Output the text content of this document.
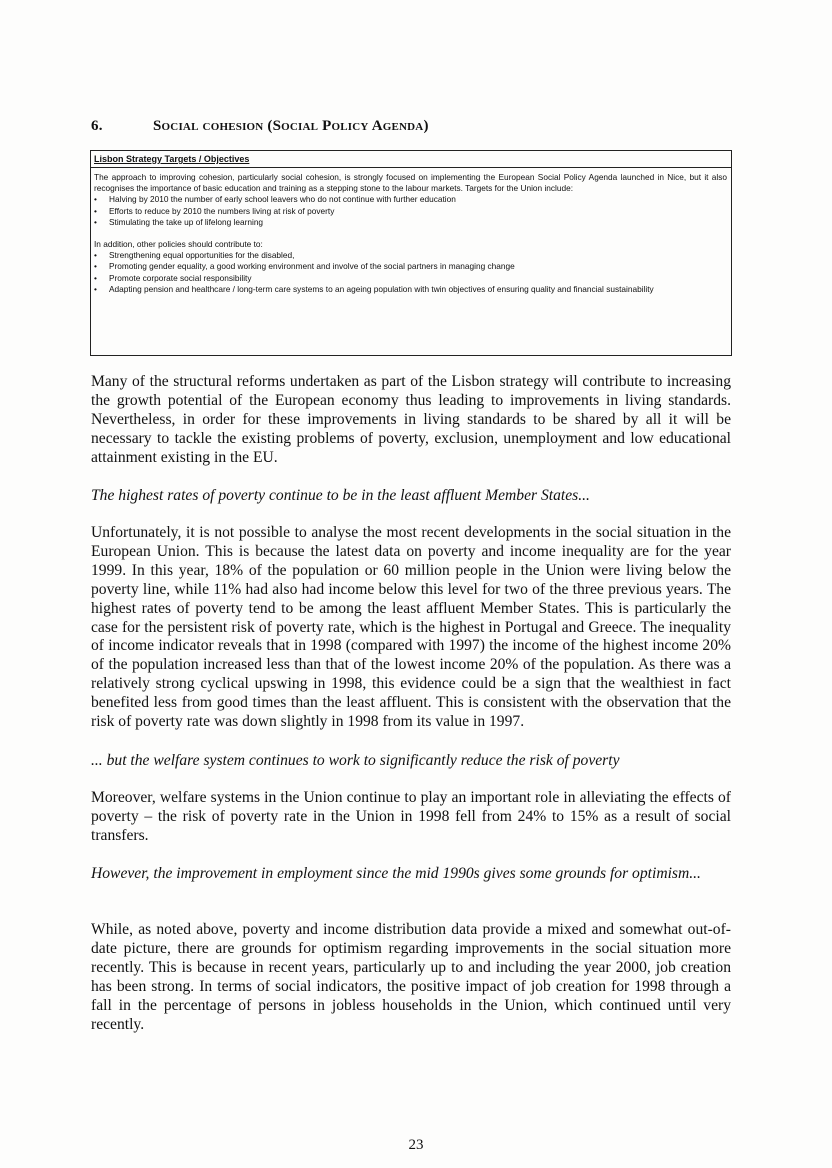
6.	Social cohesion (Social Policy Agenda)
Lisbon Strategy Targets / Objectives

The approach to improving cohesion, particularly social cohesion, is strongly focused on implementing the European Social Policy Agenda launched in Nice, but it also recognises the importance of basic education and training as a stepping stone to the labour markets. Targets for the Union include:

• Halving by 2010 the number of early school leavers who do not continue with further education
• Efforts to reduce by 2010 the numbers living at risk of poverty
• Stimulating the take up of lifelong learning

In addition, other policies should contribute to:

• Strengthening equal opportunities for the disabled,
• Promoting gender equality, a good working environment and involve of the social partners in managing change
• Promote corporate social responsibility
• Adapting pension and healthcare / long-term care systems to an ageing population with twin objectives of ensuring quality and financial sustainability

Many of the structural reforms undertaken as part of the Lisbon strategy will contribute to increasing the growth potential of the European economy thus leading to improvements in living standards. Nevertheless, in order for these improvements in living standards to be shared by all it will be necessary to tackle the existing problems of poverty, exclusion, unemployment and low educational attainment existing in the EU.

The highest rates of poverty continue to be in the least affluent Member States...

Unfortunately, it is not possible to analyse the most recent developments in the social situation in the European Union. This is because the latest data on poverty and income inequality are for the year 1999. In this year, 18% of the population or 60 million people in the Union were living below the poverty line, while 11% had also had income below this level for two of the three previous years. The highest rates of poverty tend to be among the least affluent Member States. This is particularly the case for the persistent risk of poverty rate, which is the highest in Portugal and Greece. The inequality of income indicator reveals that in 1998 (compared with 1997) the income of the highest income 20% of the population increased less than that of the lowest income 20% of the population. As there was a relatively strong cyclical upswing in 1998, this evidence could be a sign that the wealthiest in fact benefited less from good times than the least affluent. This is consistent with the observation that the risk of poverty rate was down slightly in 1998 from its value in 1997.

... but the welfare system continues to work to significantly reduce the risk of poverty

Moreover, welfare systems in the Union continue to play an important role in alleviating the effects of poverty – the risk of poverty rate in the Union in 1998 fell from 24% to 15% as a result of social transfers.

However, the improvement in employment since the mid 1990s gives some grounds for optimism...

While, as noted above, poverty and income distribution data provide a mixed and somewhat out-of-date picture, there are grounds for optimism regarding improvements in the social situation more recently. This is because in recent years, particularly up to and including the year 2000, job creation has been strong. In terms of social indicators, the positive impact of job creation for 1998 through a fall in the percentage of persons in jobless households in the Union, which continued until very recently.

23
